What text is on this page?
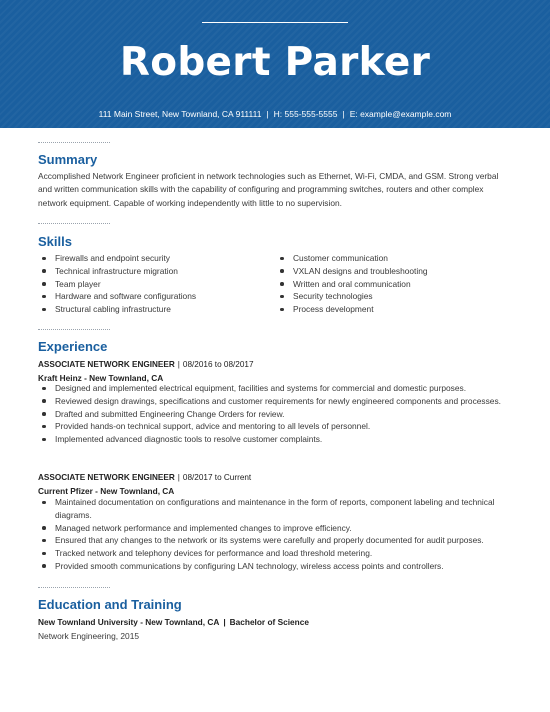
Robert Parker
111 Main Street, New Townland, CA 911111 | H: 555-555-5555 | E: example@example.com
Summary
Accomplished Network Engineer proficient in network technologies such as Ethernet, Wi-Fi, CMDA, and GSM. Strong verbal and written communication skills with the capability of configuring and programming switches, routers and other complex network equipment. Capable of working independently with little to no supervision.
Skills
Firewalls and endpoint security
Technical infrastructure migration
Team player
Hardware and software configurations
Structural cabling infrastructure
Customer communication
VXLAN designs and troubleshooting
Written and oral communication
Security technologies
Process development
Experience
ASSOCIATE NETWORK ENGINEER | 08/2016 to 08/2017
Kraft Heinz - New Townland, CA
Designed and implemented electrical equipment, facilities and systems for commercial and domestic purposes.
Reviewed design drawings, specifications and customer requirements for newly engineered components and processes.
Drafted and submitted Engineering Change Orders for review.
Provided hands-on technical support, advice and mentoring to all levels of personnel.
Implemented advanced diagnostic tools to resolve customer complaints.
ASSOCIATE NETWORK ENGINEER | 08/2017 to Current
Current Pfizer - New Townland, CA
Maintained documentation on configurations and maintenance in the form of reports, component labeling and technical diagrams.
Managed network performance and implemented changes to improve efficiency.
Ensured that any changes to the network or its systems were carefully and properly documented for audit purposes.
Tracked network and telephony devices for performance and load threshold metering.
Provided smooth communications by configuring LAN technology, wireless access points and controllers.
Education and Training
New Townland University - New Townland, CA | Bachelor of Science
Network Engineering, 2015
